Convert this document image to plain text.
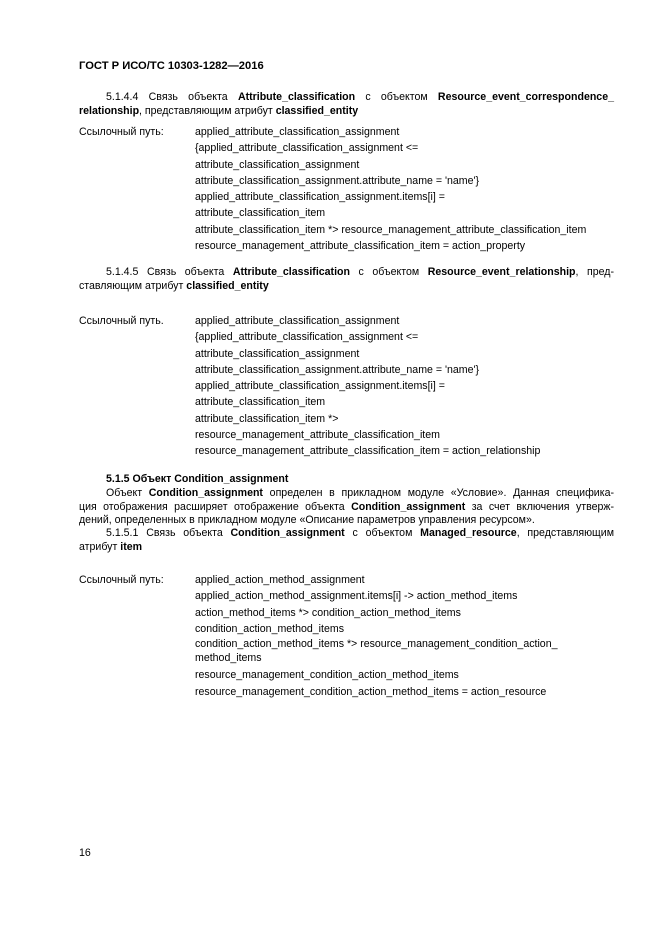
ГОСТ Р ИСО/ТС 10303-1282—2016
5.1.4.4 Связь объекта Attribute_classification с объектом Resource_event_correspondence_
relationship, представляющим атрибут classified_entity
Ссылочный путь:	applied_attribute_classification_assignment
{applied_attribute_classification_assignment <=
attribute_classification_assignment
attribute_classification_assignment.attribute_name = 'name'}
applied_attribute_classification_assignment.items[i] =
attribute_classification_item
attribute_classification_item *> resource_management_attribute_classification_item
resource_management_attribute_classification_item = action_property
5.1.4.5 Связь объекта Attribute_classification с объектом Resource_event_relationship, пред-
ставляющим атрибут classified_entity
Ссылочный путь.	applied_attribute_classification_assignment
{applied_attribute_classification_assignment <=
attribute_classification_assignment
attribute_classification_assignment.attribute_name = 'name'}
applied_attribute_classification_assignment.items[i] =
attribute_classification_item
attribute_classification_item *>
resource_management_attribute_classification_item
resource_management_attribute_classification_item = action_relationship
5.1.5 Объект Condition_assignment
Объект Condition_assignment определен в прикладном модуле «Условие». Данная специфика-
ция отображения расширяет отображение объекта Condition_assignment за счет включения утверж-
дений, определенных в прикладном модуле «Описание параметров управления ресурсом».
5.1.5.1 Связь объекта Condition_assignment с объектом Managed_resource, представляющим
атрибут item
Ссылочный путь:	applied_action_method_assignment
applied_action_method_assignment.items[i] -> action_method_items
action_method_items *> condition_action_method_items
condition_action_method_items
condition_action_method_items *> resource_management_condition_action_
method_items
resource_management_condition_action_method_items
resource_management_condition_action_method_items = action_resource
16
